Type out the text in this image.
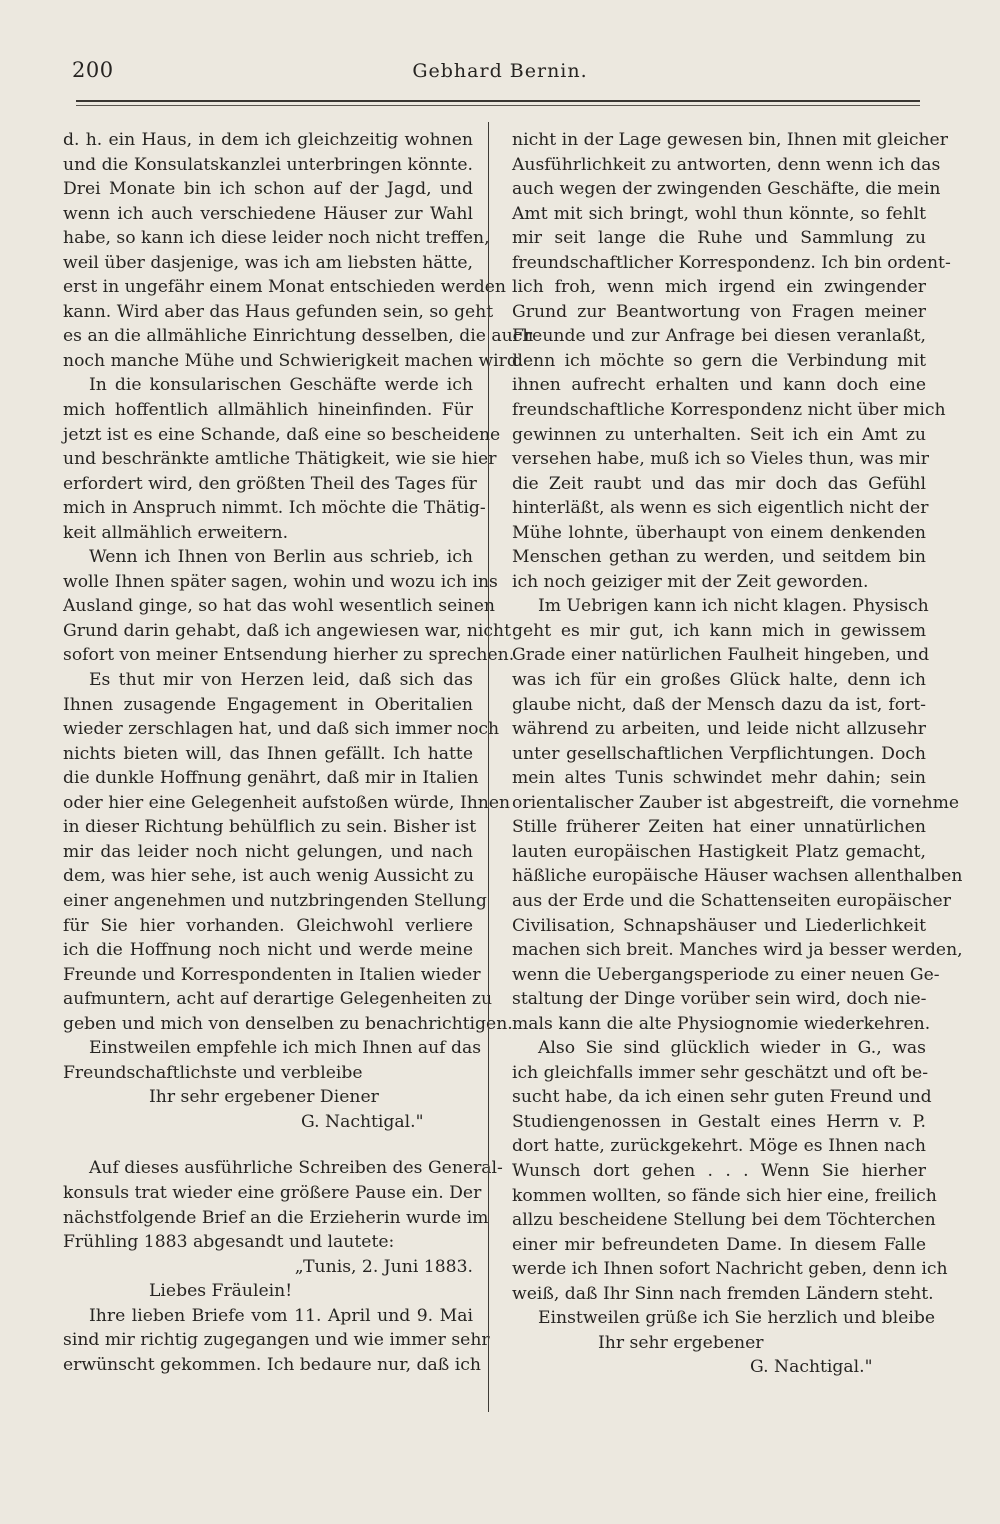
200	Gebhard Bernin.
d. h. ein Haus, in dem ich gleichzeitig wohnen
und die Konsulatskanzlei unterbringen könnte.
Drei Monate bin ich schon auf der Jagd, und
wenn ich auch verschiedene Häuser zur Wahl
habe, so kann ich diese leider noch nicht treffen,
weil über dasjenige, was ich am liebsten hätte,
erst in ungefähr einem Monat entschieden werden
kann. Wird aber das Haus gefunden sein, so geht
es an die allmähliche Einrichtung desselben, die auch
noch manche Mühe und Schwierigkeit machen wird.
In die konsularischen Geschäfte werde ich
mich hoffentlich allmählich hineinfinden. Für
jetzt ist es eine Schande, daß eine so bescheidene
und beschränkte amtliche Thätigkeit, wie sie hier
erfordert wird, den größten Theil des Tages für
mich in Anspruch nimmt. Ich möchte die Thätig-
keit allmählich erweitern.
Wenn ich Ihnen von Berlin aus schrieb, ich
wolle Ihnen später sagen, wohin und wozu ich ins
Ausland ginge, so hat das wohl wesentlich seinen
Grund darin gehabt, daß ich angewiesen war, nicht
sofort von meiner Entsendung hierher zu sprechen.
Es thut mir von Herzen leid, daß sich das
Ihnen zusagende Engagement in Oberitalien
wieder zerschlagen hat, und daß sich immer noch
nichts bieten will, das Ihnen gefällt. Ich hatte
die dunkle Hoffnung genährt, daß mir in Italien
oder hier eine Gelegenheit aufstoßen würde, Ihnen
in dieser Richtung behülflich zu sein. Bisher ist
mir das leider noch nicht gelungen, und nach
dem, was hier sehe, ist auch wenig Aussicht zu
einer angenehmen und nutzbringenden Stellung
für Sie hier vorhanden. Gleichwohl verliere
ich die Hoffnung noch nicht und werde meine
Freunde und Korrespondenten in Italien wieder
aufmuntern, acht auf derartige Gelegenheiten zu
geben und mich von denselben zu benachrichtigen.
Einstweilen empfehle ich mich Ihnen auf das
Freundschaftlichste und verbleibe
Ihr sehr ergebener Diener
G. Nachtigal."
Auf dieses ausführliche Schreiben des General-
konsuls trat wieder eine größere Pause ein. Der
nächstfolgende Brief an die Erzieherin wurde im
Frühling 1883 abgesandt und lautete:
„Tunis, 2. Juni 1883.
Liebes Fräulein!
Ihre lieben Briefe vom 11. April und 9. Mai
sind mir richtig zugegangen und wie immer sehr
erwünscht gekommen. Ich bedaure nur, daß ich
nicht in der Lage gewesen bin, Ihnen mit gleicher
Ausführlichkeit zu antworten, denn wenn ich das
auch wegen der zwingenden Geschäfte, die mein
Amt mit sich bringt, wohl thun könnte, so fehlt
mir seit lange die Ruhe und Sammlung zu
freundschaftlicher Korrespondenz. Ich bin ordent-
lich froh, wenn mich irgend ein zwingender
Grund zur Beantwortung von Fragen meiner
Freunde und zur Anfrage bei diesen veranlaßt,
denn ich möchte so gern die Verbindung mit
ihnen aufrecht erhalten und kann doch eine
freundschaftliche Korrespondenz nicht über mich
gewinnen zu unterhalten. Seit ich ein Amt zu
versehen habe, muß ich so Vieles thun, was mir
die Zeit raubt und das mir doch das Gefühl
hinterläßt, als wenn es sich eigentlich nicht der
Mühe lohnte, überhaupt von einem denkenden
Menschen gethan zu werden, und seitdem bin
ich noch geiziger mit der Zeit geworden.
Im Uebrigen kann ich nicht klagen. Physisch
geht es mir gut, ich kann mich in gewissem
Grade einer natürlichen Faulheit hingeben, und
was ich für ein großes Glück halte, denn ich
glaube nicht, daß der Mensch dazu da ist, fort-
während zu arbeiten, und leide nicht allzusehr
unter gesellschaftlichen Verpflichtungen. Doch
mein altes Tunis schwindet mehr dahin; sein
orientalischer Zauber ist abgestreift, die vornehme
Stille früherer Zeiten hat einer unnatürlichen
lauten europäischen Hastigkeit Platz gemacht,
häßliche europäische Häuser wachsen allenthalben
aus der Erde und die Schattenseiten europäischer
Civilisation, Schnapshäuser und Liederlichkeit
machen sich breit. Manches wird ja besser werden,
wenn die Uebergangsperiode zu einer neuen Ge-
staltung der Dinge vorüber sein wird, doch nie-
mals kann die alte Physiognomie wiederkehren.
Also Sie sind glücklich wieder in G., was
ich gleichfalls immer sehr geschätzt und oft be-
sucht habe, da ich einen sehr guten Freund und
Studiengenossen in Gestalt eines Herrn v. P.
dort hatte, zurückgekehrt. Möge es Ihnen nach
Wunsch dort gehen . . . Wenn Sie hierher
kommen wollten, so fände sich hier eine, freilich
allzu bescheidene Stellung bei dem Töchterchen
einer mir befreundeten Dame. In diesem Falle
werde ich Ihnen sofort Nachricht geben, denn ich
weiß, daß Ihr Sinn nach fremden Ländern steht.
Einstweilen grüße ich Sie herzlich und bleibe
Ihr sehr ergebener
G. Nachtigal."
